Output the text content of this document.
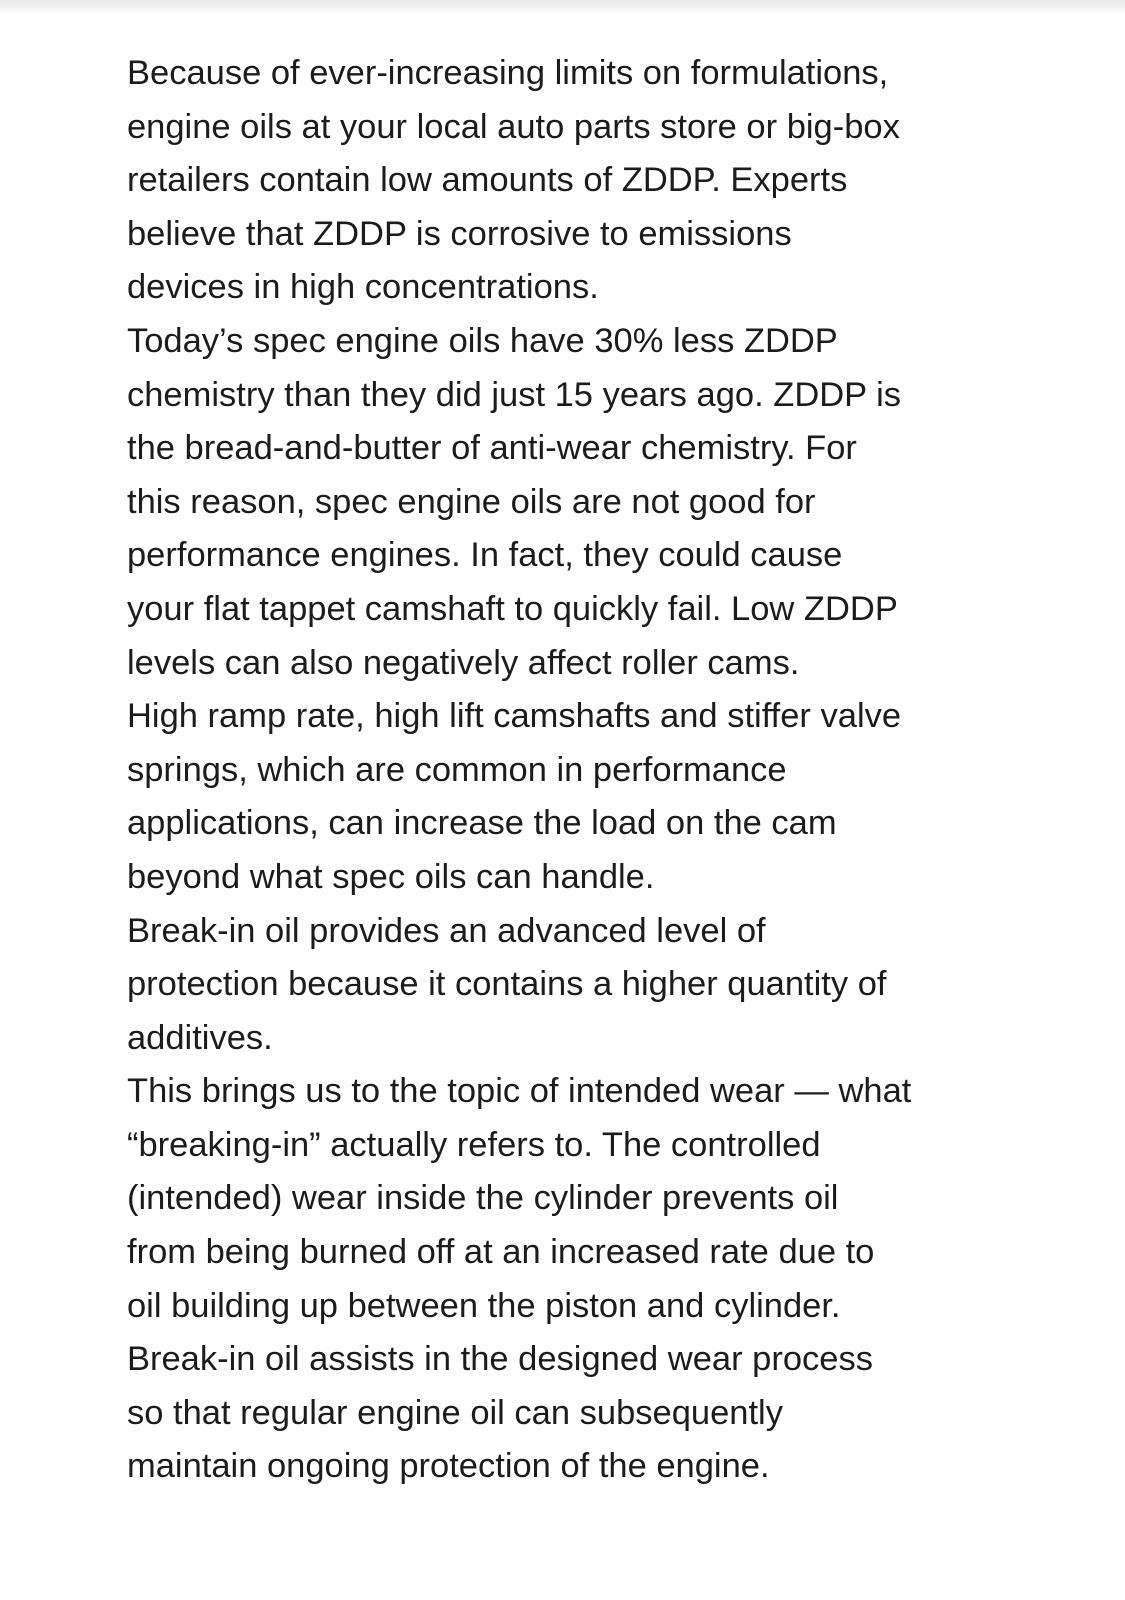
Because of ever-increasing limits on formulations,
engine oils at your local auto parts store or big-box
retailers contain low amounts of ZDDP. Experts
believe that ZDDP is corrosive to emissions
devices in high concentrations.
Today’s spec engine oils have 30% less ZDDP
chemistry than they did just 15 years ago. ZDDP is
the bread-and-butter of anti-wear chemistry. For
this reason, spec engine oils are not good for
performance engines. In fact, they could cause
your flat tappet camshaft to quickly fail. Low ZDDP
levels can also negatively affect roller cams.
High ramp rate, high lift camshafts and stiffer valve
springs, which are common in performance
applications, can increase the load on the cam
beyond what spec oils can handle.
Break-in oil provides an advanced level of
protection because it contains a higher quantity of
additives.
This brings us to the topic of intended wear — what
“breaking-in” actually refers to. The controlled
(intended) wear inside the cylinder prevents oil
from being burned off at an increased rate due to
oil building up between the piston and cylinder.
Break-in oil assists in the designed wear process
so that regular engine oil can subsequently
maintain ongoing protection of the engine.
